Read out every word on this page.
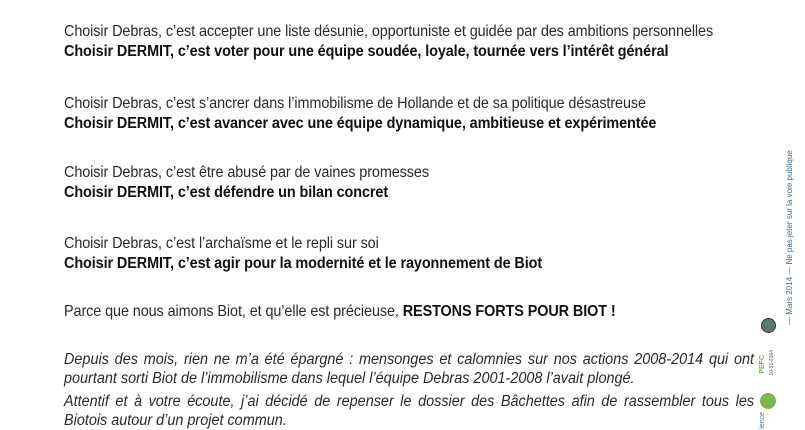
Choisir Debras, c’est accepter une liste désunie, opportuniste et guidée par des ambitions personnelles
Choisir DERMIT, c’est voter pour une équipe soudée, loyale, tournée vers l’intérêt général
Choisir Debras, c’est s’ancrer dans l’immobilisme de Hollande et de sa politique désastreuse
Choisir DERMIT, c’est avancer avec une équipe dynamique, ambitieuse et expérimentée
Choisir Debras, c’est être abusé par de vaines promesses
Choisir DERMIT, c’est défendre un bilan concret
Choisir Debras, c’est l’archaïsme et le repli sur soi
Choisir DERMIT, c’est agir pour la modernité et le rayonnement de Biot
Parce que nous aimons Biot, et qu’elle est précieuse, RESTONS FORTS POUR BIOT !
Depuis des mois, rien ne m’a été épargné : mensonges et calomnies sur nos actions 2008-2014 qui ont pourtant sorti Biot de l’immobilisme dans lequel l’équipe Debras 2001-2008 l’avait plongé.
Attentif et à votre écoute, j’ai décidé de repenser le dossier des Bâchettes afin de rassembler tous les Biotois autour d’un projet commun.
— Mars 2014 — Ne pas jeter sur la voie publique
10-31-2264
PEFC
lence
